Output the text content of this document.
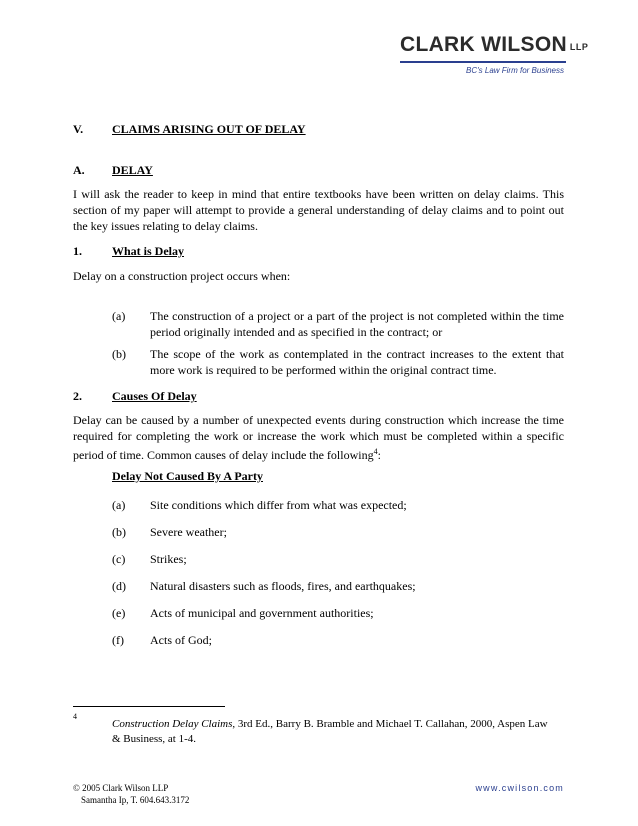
CLARK WILSON LLP
BC's Law Firm for Business
V. CLAIMS ARISING OUT OF DELAY
A. DELAY
I will ask the reader to keep in mind that entire textbooks have been written on delay claims. This section of my paper will attempt to provide a general understanding of delay claims and to point out the key issues relating to delay claims.
1.	What is Delay
Delay on a construction project occurs when:
(a) The construction of a project or a part of the project is not completed within the time period originally intended and as specified in the contract; or
(b) The scope of the work as contemplated in the contract increases to the extent that more work is required to be performed within the original contract time.
2.	Causes Of Delay
Delay can be caused by a number of unexpected events during construction which increase the time required for completing the work or increase the work which must be completed within a specific period of time. Common causes of delay include the following$^4$:
Delay Not Caused By A Party
(a) Site conditions which differ from what was expected;
(b) Severe weather;
(c) Strikes;
(d) Natural disasters such as floods, fires, and earthquakes;
(e) Acts of municipal and government authorities;
(f) Acts of God;
4
Construction Delay Claims, 3rd Ed., Barry B. Bramble and Michael T. Callahan, 2000, Aspen Law & Business, at 1-4.
© 2005 Clark Wilson LLP
Samantha Ip, T. 604.643.3172
www.cwilson.com
